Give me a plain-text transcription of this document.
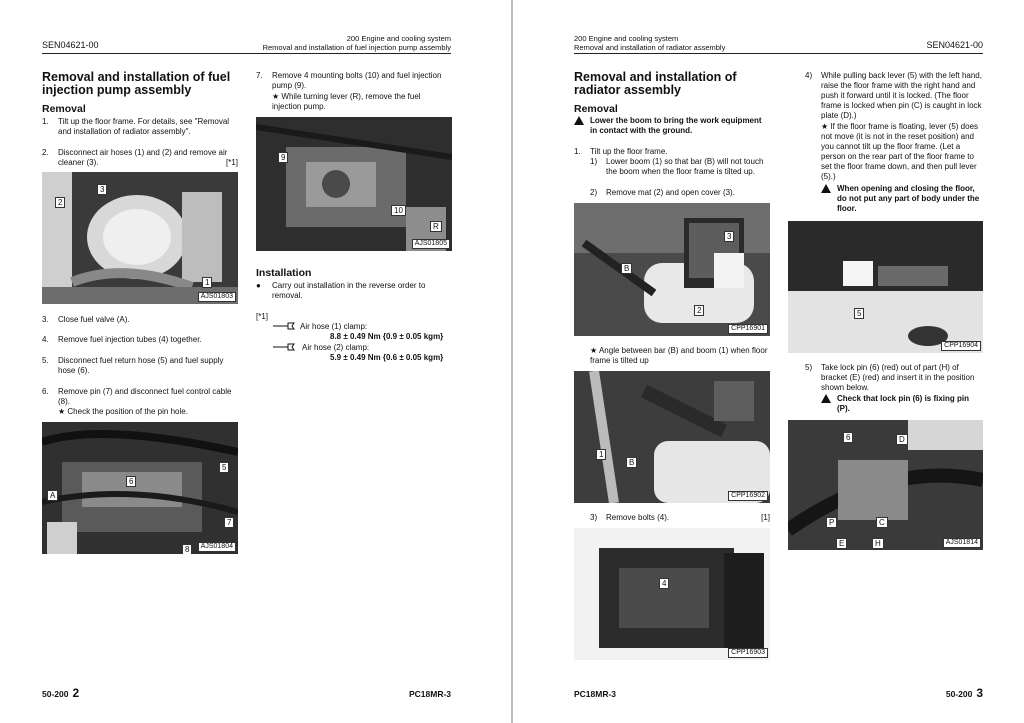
SEN04621-00
200 Engine and cooling system
Removal and installation of fuel injection pump assembly
Removal and installation of fuel injection pump assembly
Removal
1. Tilt up the floor frame. For details, see "Removal and installation of radiator assembly".
2. Disconnect air hoses (1) and (2) and remove air cleaner (3).	[*1]
2
3
1
AJS01803
3. Close fuel valve (A).
4. Remove fuel injection tubes (4) together.
5. Disconnect fuel return hose (5) and fuel supply hose (6).
6. Remove pin (7) and disconnect fuel control cable (8).
★ Check the position of the pin hole.
A
6
5
7
8	AJS01804
7. Remove 4 mounting bolts (10) and fuel injection pump (9).
★ While turning lever (R), remove the fuel injection pump.
9
10
R
AJS01805
Installation
● Carry out installation in the reverse order to removal.
[*1]
Air hose (1) clamp:
8.8 ± 0.49 Nm {0.9 ± 0.05 kgm}
Air hose (2) clamp:
5.9 ± 0.49 Nm {0.6 ± 0.05 kgm}
50-200 2	PC18MR-3
200 Engine and cooling system
Removal and installation of radiator assembly	SEN04621-00
Removal and installation of radiator assembly
Removal
Lower the boom to bring the work equipment in contact with the ground.
1. Tilt up the floor frame.
1) Lower boom (1) so that bar (B) will not touch the boom when the floor frame is tilted up.
2) Remove mat (2) and open cover (3).
B
3
2
CPP16901
★ Angle between bar (B) and boom (1) when floor frame is tilted up
1
B
CPP16902
3) Remove bolts (4).	[1]
4
CPP16903
4) While pulling back lever (5) with the left hand, raise the floor frame with the right hand and push it forward until it is locked. (The floor frame is locked when pin (C) is caught in lock plate (D).)
★ If the floor frame is floating, lever (5) does not move (it is not in the reset position) and you cannot tilt up the floor frame. (Let a person on the rear part of the floor frame to set the floor frame down, and then pull lever (5).)
When opening and closing the floor, do not put any part of body under the floor.
5
CPP16904
5) Take lock pin (6) (red) out of part (H) of bracket (E) (red) and insert it in the position shown below.
Check that lock pin (6) is fixing pin (P).
6	D
P	C
E	H	AJS01814
PC18MR-3	50-200 3
